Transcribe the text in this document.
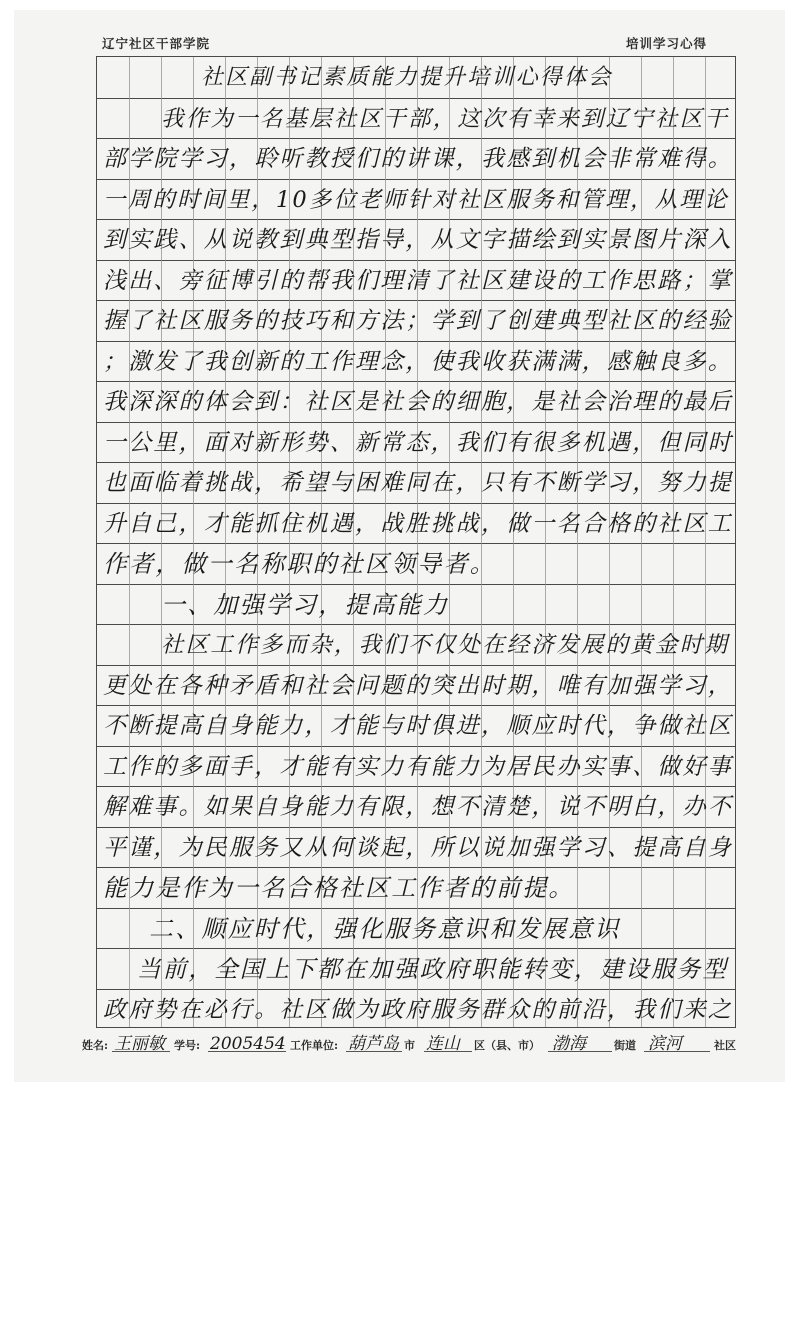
辽宁社区干部学院	培训学习心得
社区副书记素质能力提升培训心得体会
我作为一名基层社区干部，这次有幸来到辽宁社区干
部学院学习，聆听教授们的讲课，我感到机会非常难得。
一周的时间里，10多位老师针对社区服务和管理，从理论
到实践、从说教到典型指导，从文字描绘到实景图片深入
浅出、旁征博引的帮我们理清了社区建设的工作思路；掌
握了社区服务的技巧和方法；学到了创建典型社区的经验
；激发了我创新的工作理念，使我收获满满，感触良多。
我深深的体会到：社区是社会的细胞，是社会治理的最后
一公里，面对新形势、新常态，我们有很多机遇，但同时
也面临着挑战，希望与困难同在，只有不断学习，努力提
升自己，才能抓住机遇，战胜挑战，做一名合格的社区工
作者，做一名称职的社区领导者。
一、加强学习，提高能力
社区工作多而杂，我们不仅处在经济发展的黄金时期
更处在各种矛盾和社会问题的突出时期，唯有加强学习，
不断提高自身能力，才能与时俱进，顺应时代，争做社区
工作的多面手，才能有实力有能力为居民办实事、做好事
解难事。如果自身能力有限，想不清楚，说不明白，办不
平谨，为民服务又从何谈起，所以说加强学习、提高自身
能力是作为一名合格社区工作者的前提。
二、顺应时代，强化服务意识和发展意识
当前，全国上下都在加强政府职能转变，建设服务型
政府势在必行。社区做为政府服务群众的前沿，我们来之
姓名: 王丽敏 学号: 2005454 工作单位: 葫芦岛 市 连山 区（县、市） 渤海	街道 滨河	社区
